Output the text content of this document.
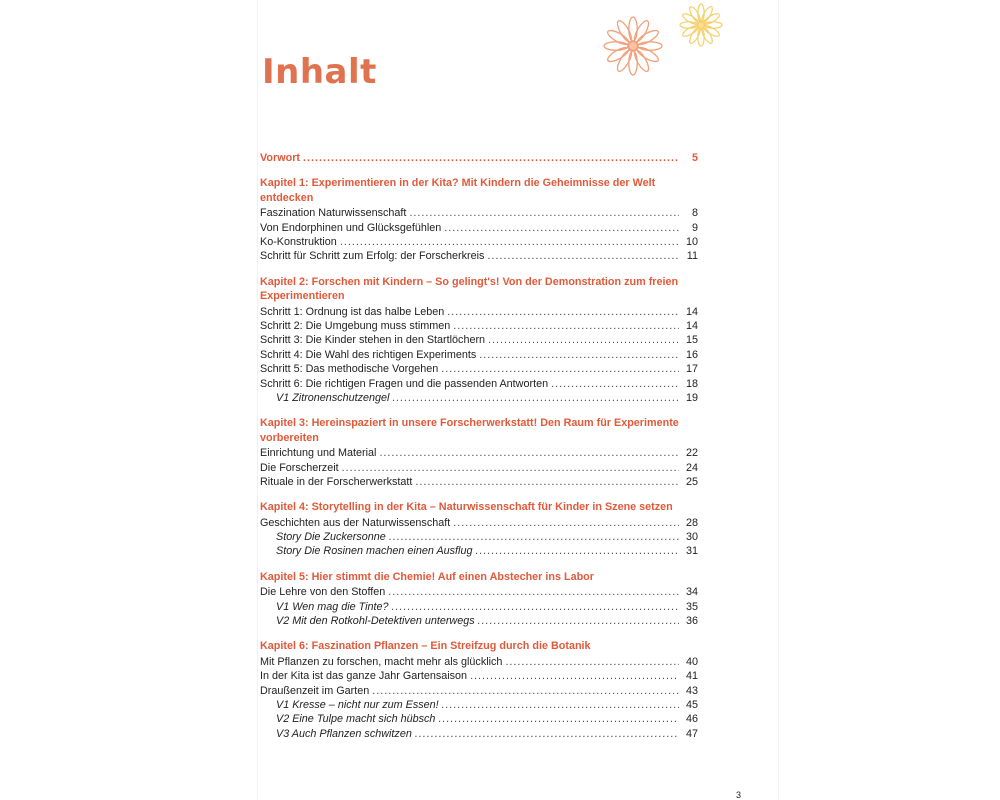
Inhalt
Vorwort . . .	5
Kapitel 1: Experimentieren in der Kita? Mit Kindern die Geheimnisse der Welt entdecken
Faszination Naturwissenschaft . . .	8
Von Endorphinen und Glücksgefühlen . . .	9
Ko-Konstruktion . . .	10
Schritt für Schritt zum Erfolg: der Forscherkreis . . .	11
Kapitel 2: Forschen mit Kindern – So gelingt's! Von der Demonstration zum freien Experimentieren
Schritt 1: Ordnung ist das halbe Leben . . .	14
Schritt 2: Die Umgebung muss stimmen . . .	14
Schritt 3: Die Kinder stehen in den Startlöchern . . .	15
Schritt 4: Die Wahl des richtigen Experiments . . .	16
Schritt 5: Das methodische Vorgehen . . .	17
Schritt 6: Die richtigen Fragen und die passenden Antworten . . .	18
V1 Zitronenschutzengel . . .	19
Kapitel 3: Hereinspaziert in unsere Forscherwerkstatt! Den Raum für Experimente vorbereiten
Einrichtung und Material . . .	22
Die Forscherzeit . . .	24
Rituale in der Forscherwerkstatt . . .	25
Kapitel 4: Storytelling in der Kita – Naturwissenschaft für Kinder in Szene setzen
Geschichten aus der Naturwissenschaft . . .	28
Story Die Zuckersonne . . .	30
Story Die Rosinen machen einen Ausflug . . .	31
Kapitel 5: Hier stimmt die Chemie! Auf einen Abstecher ins Labor
Die Lehre von den Stoffen . . .	34
V1 Wen mag die Tinte? . . .	35
V2 Mit den Rotkohl-Detektiven unterwegs . . .	36
Kapitel 6: Faszination Pflanzen – Ein Streifzug durch die Botanik
Mit Pflanzen zu forschen, macht mehr als glücklich . . .	40
In der Kita ist das ganze Jahr Gartensaison . . .	41
Draußenzeit im Garten . . .	43
V1 Kresse – nicht nur zum Essen! . . .	45
V2 Eine Tulpe macht sich hübsch . . .	46
V3 Auch Pflanzen schwitzen . . .	47
3
